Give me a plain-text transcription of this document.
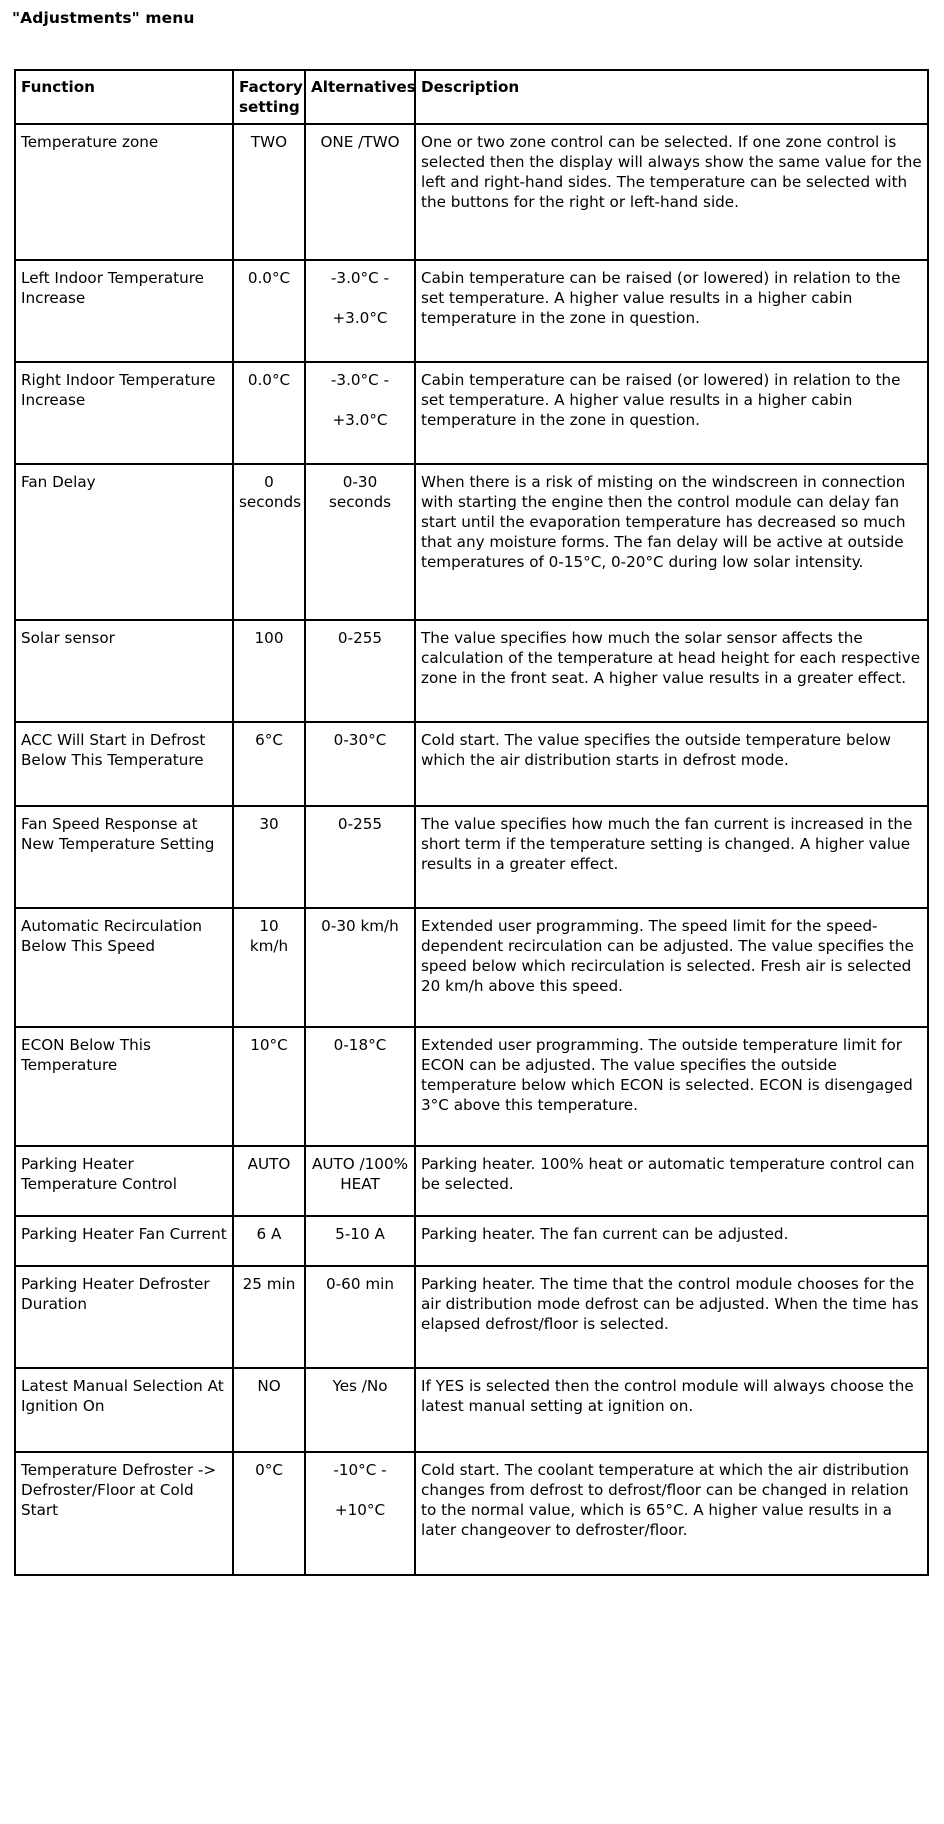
"Adjustments" menu
Function	Factory setting	Alternatives	Description
Temperature zone	TWO	ONE /TWO	One or two zone control can be selected. If one zone control is selected then the display will always show the same value for the left and right-hand sides. The temperature can be selected with the buttons for the right or left-hand side.
Left Indoor Temperature Increase	0.0°C	-3.0°C -
+3.0°C	Cabin temperature can be raised (or lowered) in relation to the set temperature. A higher value results in a higher cabin temperature in the zone in question.
Right Indoor Temperature Increase	0.0°C	-3.0°C -
+3.0°C	Cabin temperature can be raised (or lowered) in relation to the set temperature. A higher value results in a higher cabin temperature in the zone in question.
Fan Delay	0 seconds	0-30 seconds	When there is a risk of misting on the windscreen in connection with starting the engine then the control module can delay fan start until the evaporation temperature has decreased so much that any moisture forms. The fan delay will be active at outside temperatures of 0-15°C, 0-20°C during low solar intensity.
Solar sensor	100	0-255	The value specifies how much the solar sensor affects the calculation of the temperature at head height for each respective zone in the front seat. A higher value results in a greater effect.
ACC Will Start in Defrost Below This Temperature	6°C	0-30°C	Cold start. The value specifies the outside temperature below which the air distribution starts in defrost mode.
Fan Speed Response at New Temperature Setting	30	0-255	The value specifies how much the fan current is increased in the short term if the temperature setting is changed. A higher value results in a greater effect.
Automatic Recirculation Below This Speed	10 km/h	0-30 km/h	Extended user programming. The speed limit for the speed-dependent recirculation can be adjusted. The value specifies the speed below which recirculation is selected. Fresh air is selected 20 km/h above this speed.
ECON Below This Temperature	10°C	0-18°C	Extended user programming. The outside temperature limit for ECON can be adjusted. The value specifies the outside temperature below which ECON is selected. ECON is disengaged 3°C above this temperature.
Parking Heater Temperature Control	AUTO	AUTO /100% HEAT	Parking heater. 100% heat or automatic temperature control can be selected.
Parking Heater Fan Current	6 A	5-10 A	Parking heater. The fan current can be adjusted.
Parking Heater Defroster Duration	25 min	0-60 min	Parking heater. The time that the control module chooses for the air distribution mode defrost can be adjusted. When the time has elapsed defrost/floor is selected.
Latest Manual Selection At Ignition On	NO	Yes /No	If YES is selected then the control module will always choose the latest manual setting at ignition on.
Temperature Defroster -> Defroster/Floor at Cold Start	0°C	-10°C -
+10°C	Cold start. The coolant temperature at which the air distribution changes from defrost to defrost/floor can be changed in relation to the normal value, which is 65°C. A higher value results in a later changeover to defroster/floor.
